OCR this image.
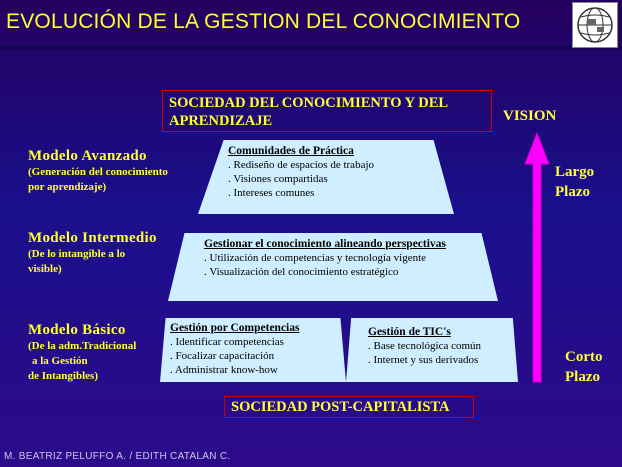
EVOLUCIÓN DE LA GESTION DEL CONOCIMIENTO
SOCIEDAD DEL CONOCIMIENTO Y DEL APRENDIZAJE	VISION
Largo
Plazo
Corto
Plazo
Modelo Avanzado
(Generación del conocimiento
por aprendizaje)
Modelo Intermedio
(De lo intangible a lo
visible)
Modelo Básico
(De la adm.Tradicional
a la Gestión
de Intangibles)
Comunidades de Práctica
. Rediseño de espacios de trabajo
. Visiones compartidas
. Intereses comunes
Gestionar el conocimiento alineando perspectivas
. Utilización de competencias y tecnología vigente
. Visualización del conocimiento estratégico
Gestión por Competencias
. Identificar competencias
. Focalizar capacitación
. Administrar know-how
Gestión de TIC's
. Base tecnológica común
. Internet y sus derivados
SOCIEDAD POST-CAPITALISTA
M. BEATRIZ PELUFFO A. / EDITH CATALAN C.
